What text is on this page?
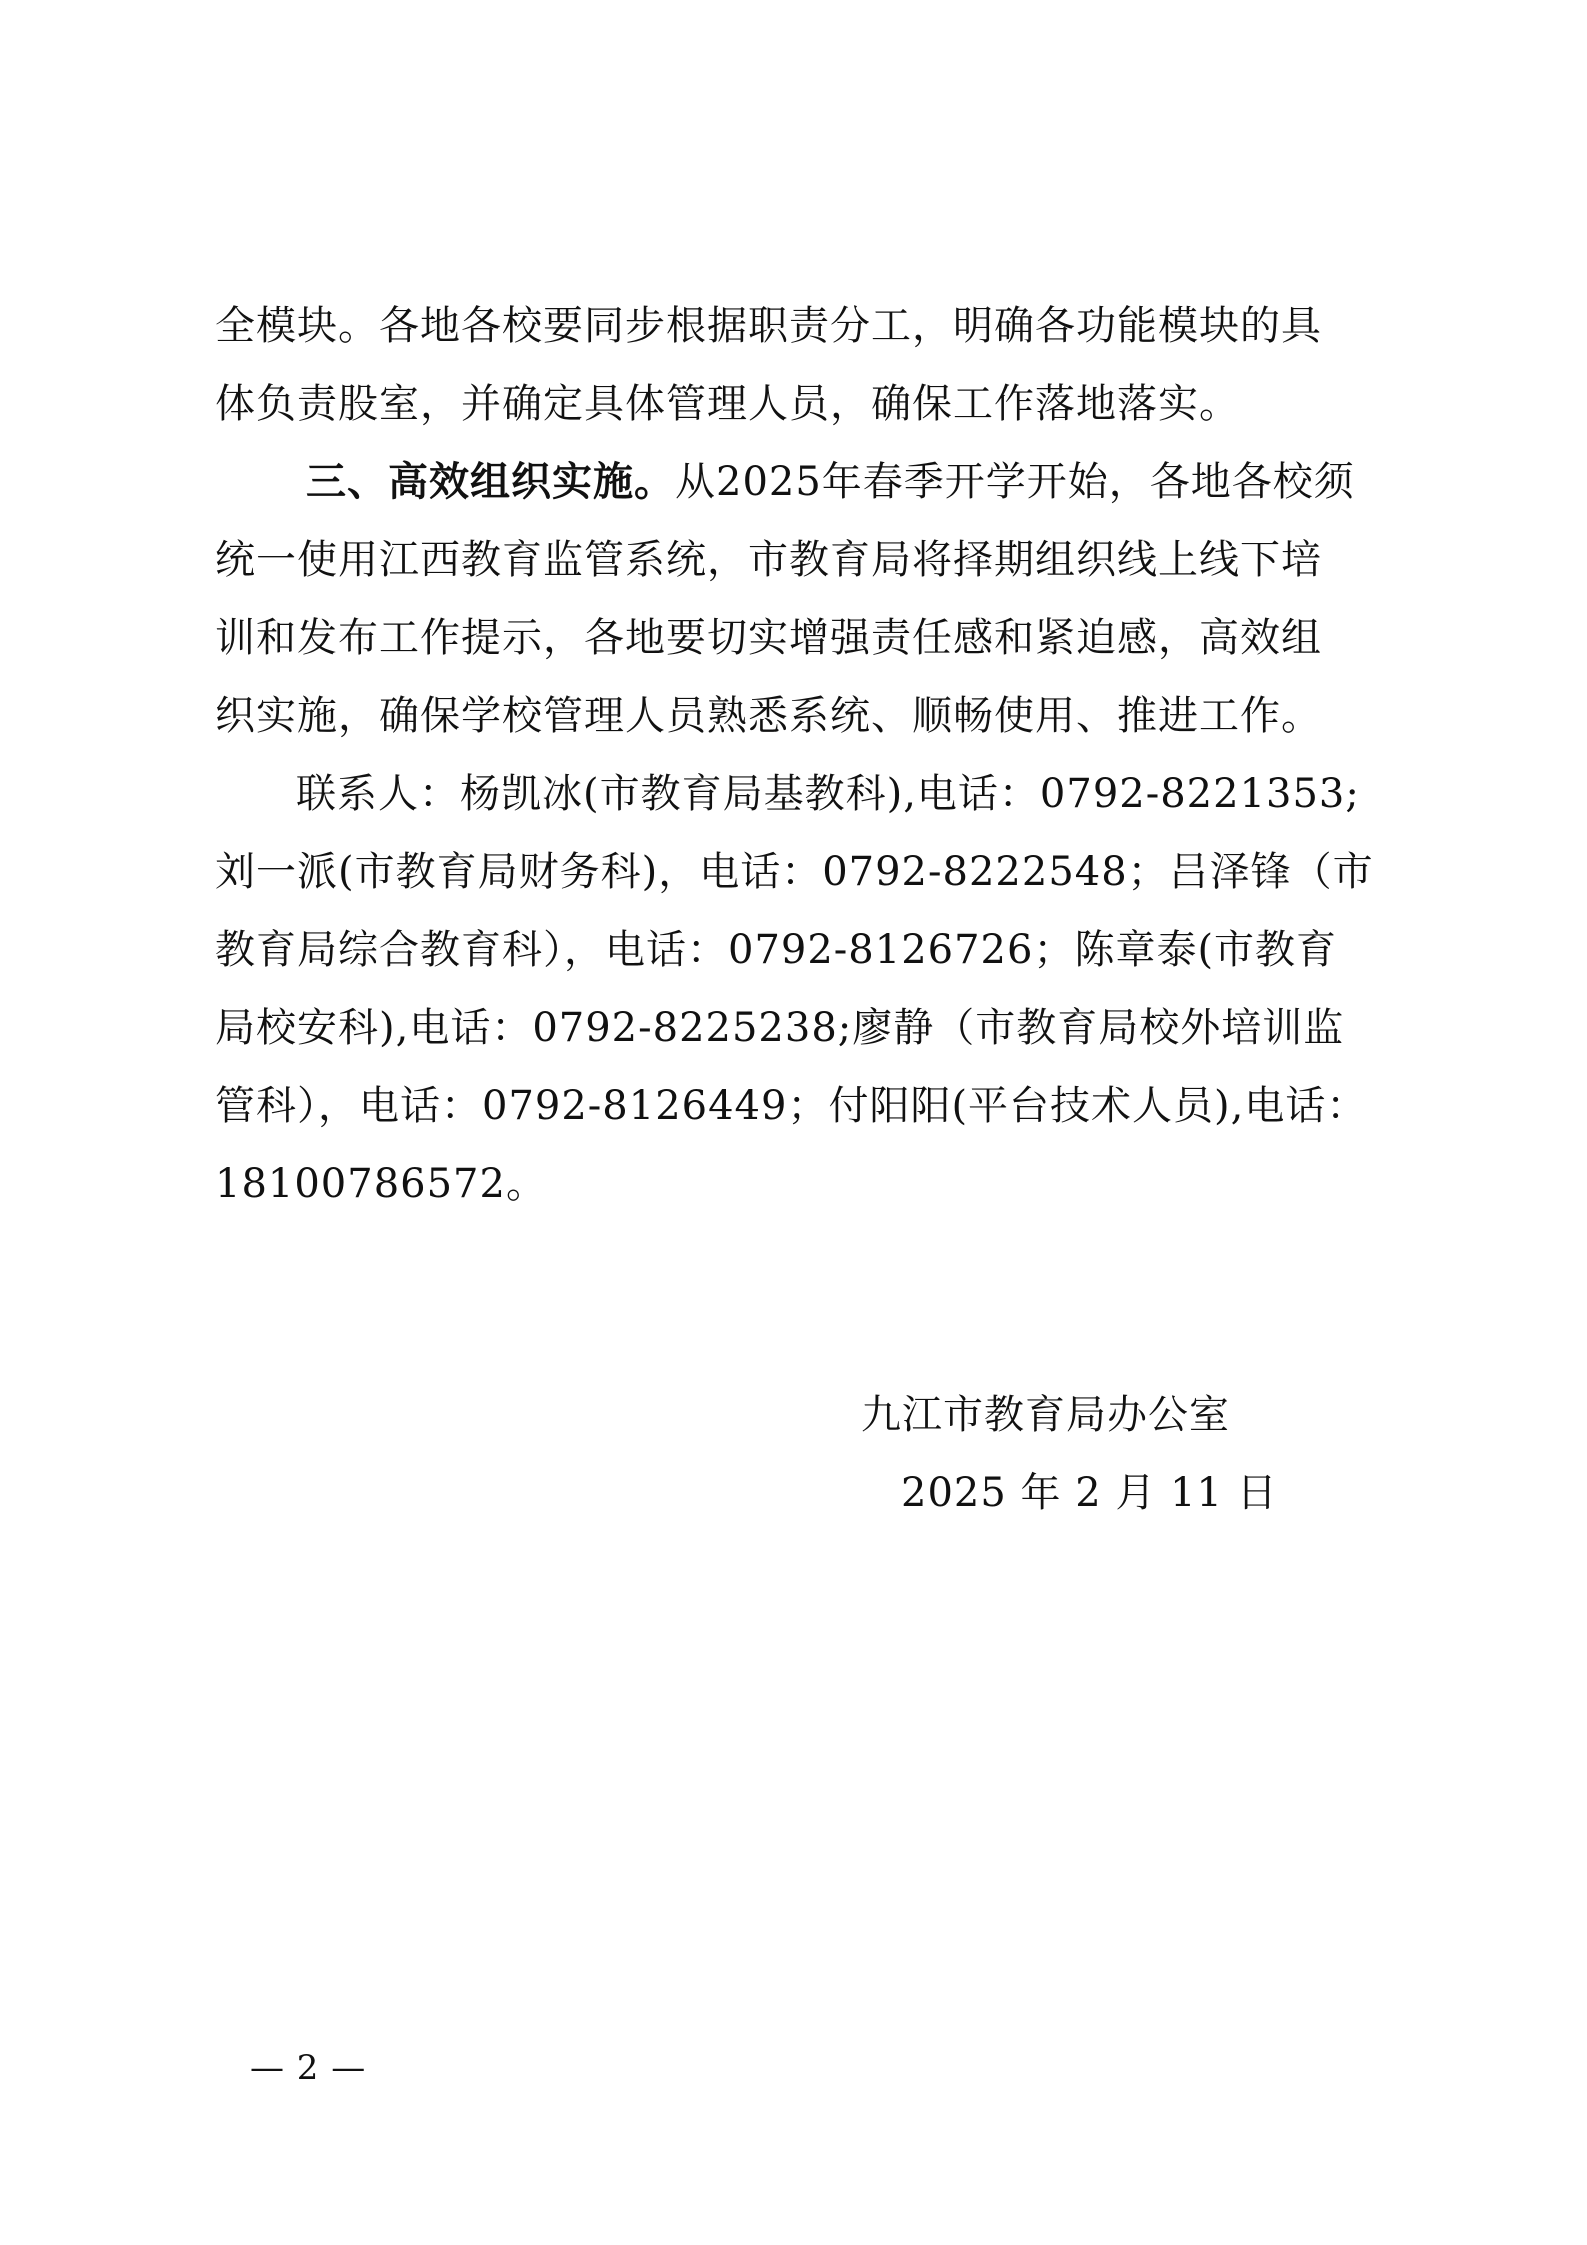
全模块。各地各校要同步根据职责分工，明确各功能模块的具
体负责股室，并确定具体管理人员，确保工作落地落实。
三、高效组织实施。从2025年春季开学开始，各地各校须
统一使用江西教育监管系统，市教育局将择期组织线上线下培
训和发布工作提示，各地要切实增强责任感和紧迫感，高效组
织实施，确保学校管理人员熟悉系统、顺畅使用、推进工作。
联系人：杨凯冰(市教育局基教科),电话：0792-8221353;
刘一派(市教育局财务科)，电话：0792-8222548；吕泽锋（市
教育局综合教育科），电话：0792-8126726；陈章泰(市教育
局校安科),电话：0792-8225238;廖静（市教育局校外培训监
管科），电话：0792-8126449；付阳阳(平台技术人员),电话：
18100786572。
九江市教育局办公室
2025 年 2 月 11 日
— 2 —
